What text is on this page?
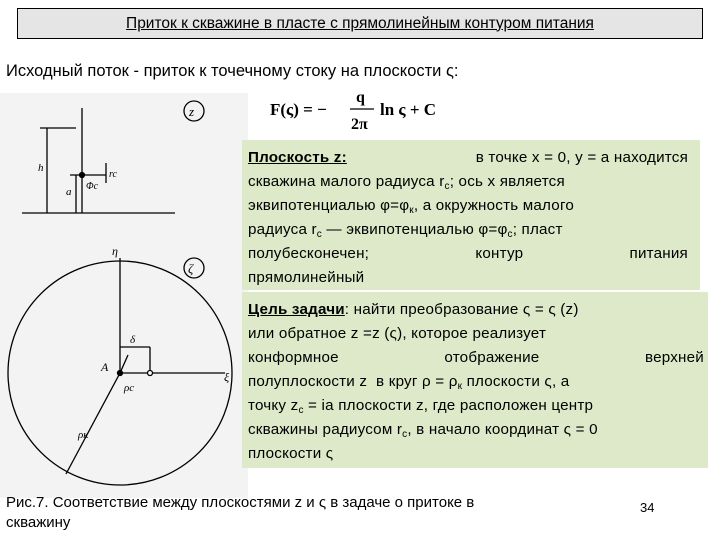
Приток к скважине в пласте с прямолинейным контуром питания
Исходный поток - приток к точечному стоку на плоскости ς:
z
h
a Φc
rc
ζ
η
ξ
A
δ
ρc
ρк
F(ς) = −
q
2π
ln ς + C
Плоскость z:	в точке x = 0, y = a находится
скважина малого радиуса $r_c$; ось x является
эквипотенциалью $\varphi=\varphi_к$, а окружность малого
радиуса $r_c$ — эквипотенциалью $\varphi=\varphi_c$; пласт
полубесконечен;	контур	питания
прямолинейный
Цель задачи: найти преобразование ς = ς (z)
или обратное z =z (ς), которое реализует
конформное	отображение	верхней
полуплоскости z в круг $\rho = \rho_к$ плоскости ς, а
точку $z_c$ = ia плоскости z, где расположен центр
скважины радиусом $r_c$, в начало координат ς = 0
плоскости ς
Рис.7. Соответствие между плоскостями z и ς в задаче о притоке в скважину
34
